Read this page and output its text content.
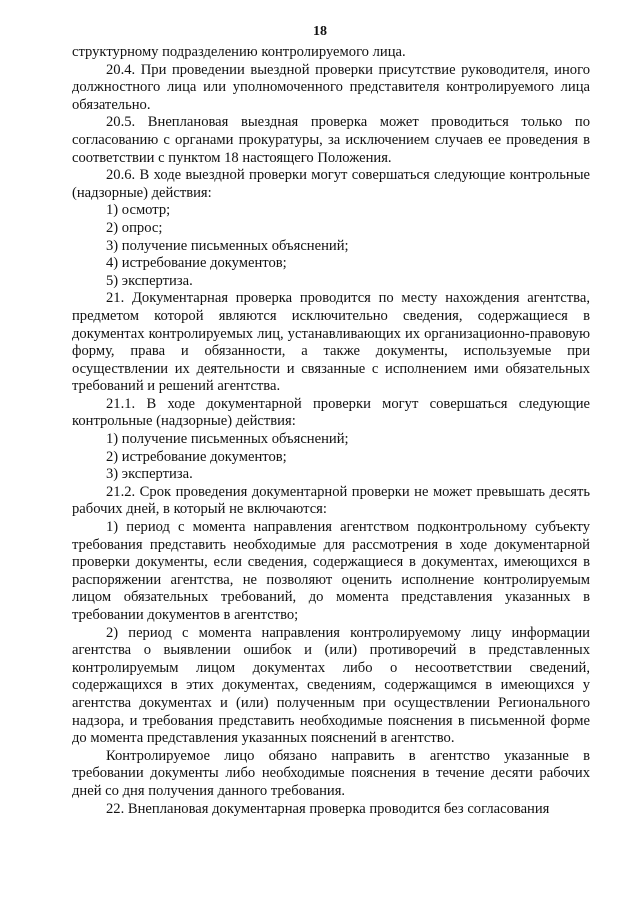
18

структурному подразделению контролируемого лица.

20.4. При проведении выездной проверки присутствие руководителя, иного должностного лица или уполномоченного представителя контролируемого лица обязательно.

20.5. Внеплановая выездная проверка может проводиться только по согласованию с органами прокуратуры, за исключением случаев ее проведения в соответствии с пунктом 18 настоящего Положения.

20.6. В ходе выездной проверки могут совершаться следующие контрольные (надзорные) действия:

1) осмотр;

2) опрос;

3) получение письменных объяснений;

4) истребование документов;

5) экспертиза.

21. Документарная проверка проводится по месту нахождения агентства, предметом которой являются исключительно сведения, содержащиеся в документах контролируемых лиц, устанавливающих их организационно-правовую форму, права и обязанности, а также документы, используемые при осуществлении их деятельности и связанные с исполнением ими обязательных требований и решений агентства.

21.1. В ходе документарной проверки могут совершаться следующие контрольные (надзорные) действия:

1) получение письменных объяснений;

2) истребование документов;

3) экспертиза.

21.2. Срок проведения документарной проверки не может превышать десять рабочих дней, в который не включаются:

1) период с момента направления агентством подконтрольному субъекту требования представить необходимые для рассмотрения в ходе документарной проверки документы, если сведения, содержащиеся в документах, имеющихся в распоряжении агентства, не позволяют оценить исполнение контролируемым лицом обязательных требований, до момента представления указанных в требовании документов в агентство;

2) период с момента направления контролируемому лицу информации агентства о выявлении ошибок и (или) противоречий в представленных контролируемым лицом документах либо о несоответствии сведений, содержащихся в этих документах, сведениям, содержащимся в имеющихся у агентства документах и (или) полученным при осуществлении Регионального надзора, и требования представить необходимые пояснения в письменной форме до момента представления указанных пояснений в агентство.

Контролируемое лицо обязано направить в агентство указанные в требовании документы либо необходимые пояснения в течение десяти рабочих дней со дня получения данного требования.

22. Внеплановая документарная проверка проводится без согласования
